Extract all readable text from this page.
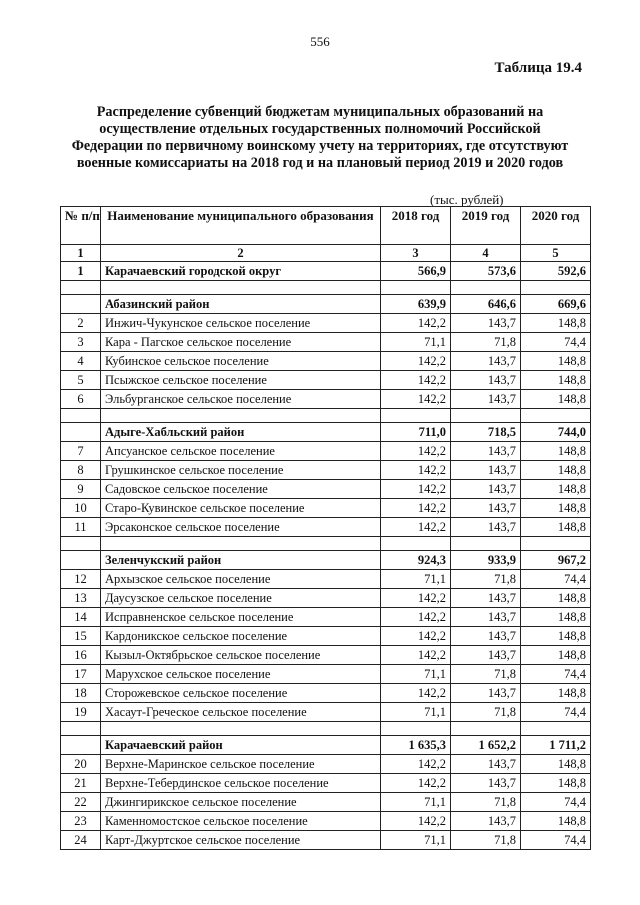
556
Таблица 19.4
Распределение субвенций бюджетам муниципальных образований на осуществление отдельных государственных полномочий Российской Федерации по первичному воинскому учету на территориях, где отсутствуют военные комиссариаты на 2018 год и на плановый период 2019 и 2020 годов
(тыс. рублей)
№ п/п	Наименование муниципального образования	2018 год	2019 год	2020 год
1	2	3	4	5
1	Карачаевский городской округ	566,9	573,6	592,6

	Абазинский район	639,9	646,6	669,6
2	Инжич-Чукунское сельское поселение	142,2	143,7	148,8
3	Кара - Пагское сельское поселение	71,1	71,8	74,4
4	Кубинское сельское поселение	142,2	143,7	148,8
5	Псыжское сельское поселение	142,2	143,7	148,8
6	Эльбурганское сельское поселение	142,2	143,7	148,8

	Адыге-Хабльский район	711,0	718,5	744,0
7	Апсуанское сельское поселение	142,2	143,7	148,8
8	Грушкинское сельское поселение	142,2	143,7	148,8
9	Садовское сельское поселение	142,2	143,7	148,8
10	Старо-Кувинское сельское поселение	142,2	143,7	148,8
11	Эрсаконское сельское поселение	142,2	143,7	148,8

	Зеленчукский район	924,3	933,9	967,2
12	Архызское сельское поселение	71,1	71,8	74,4
13	Даусузское сельское поселение	142,2	143,7	148,8
14	Исправненское сельское поселение	142,2	143,7	148,8
15	Кардоникское сельское поселение	142,2	143,7	148,8
16	Кызыл-Октябрьское сельское поселение	142,2	143,7	148,8
17	Марухское сельское поселение	71,1	71,8	74,4
18	Сторожевское сельское поселение	142,2	143,7	148,8
19	Хасаут-Греческое сельское поселение	71,1	71,8	74,4

	Карачаевский район	1 635,3	1 652,2	1 711,2
20	Верхне-Маринское сельское поселение	142,2	143,7	148,8
21	Верхне-Тебердинское сельское поселение	142,2	143,7	148,8
22	Джингирикское сельское поселение	71,1	71,8	74,4
23	Каменномостское сельское поселение	142,2	143,7	148,8
24	Карт-Джуртское сельское поселение	71,1	71,8	74,4
